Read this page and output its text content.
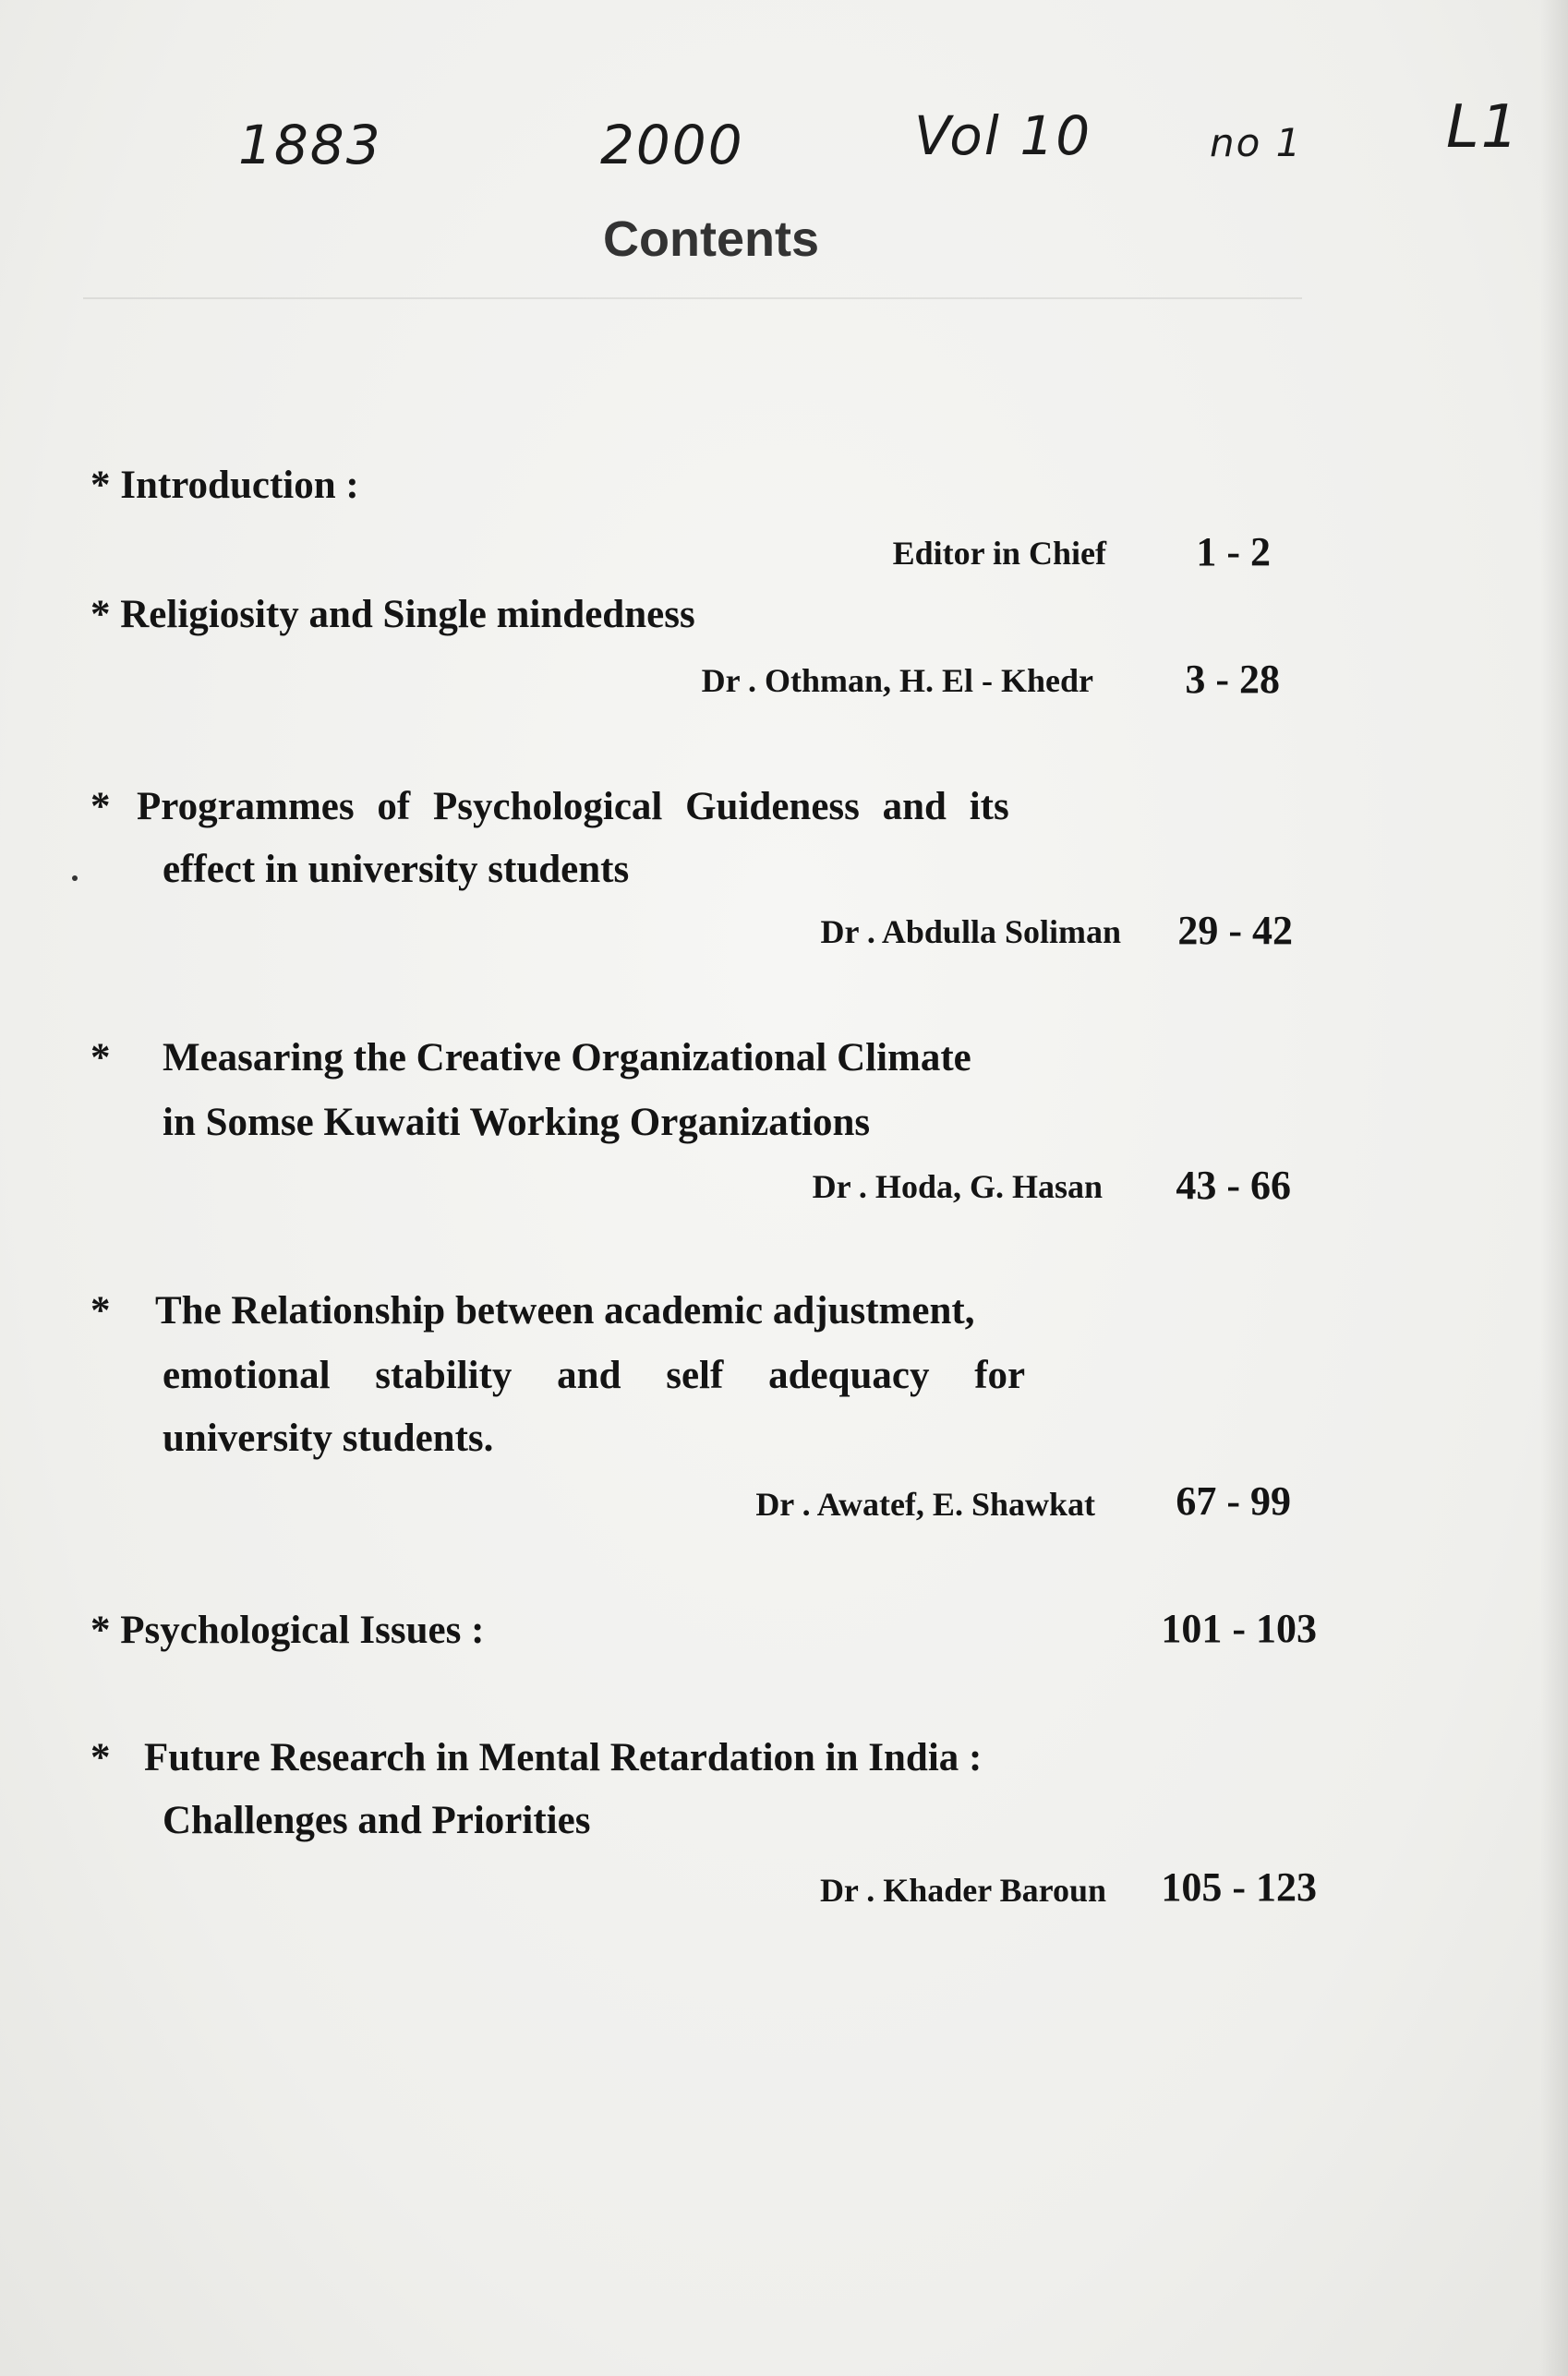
1883	2000	Vol 10	no 1 L1
Contents
* Introduction :
Editor in Chief 1 - 2
* Religiosity and Single mindedness
Dr . Othman, H. El - Khedr 3 - 28
* Programmes of Psychological Guideness and its
effect in university students
Dr . Abdulla Soliman 29 - 42
* Measaring the Creative Organizational Climate
in Somse Kuwaiti Working Organizations
Dr . Hoda, G. Hasan 43 - 66
* The Relationship between academic adjustment,
emotional stability and self adequacy for
university students.
Dr . Awatef, E. Shawkat 67 - 99
* Psychological Issues :	101 - 103
* Future Research in Mental Retardation in India :
Challenges and Priorities
Dr . Khader Baroun 105 - 123
